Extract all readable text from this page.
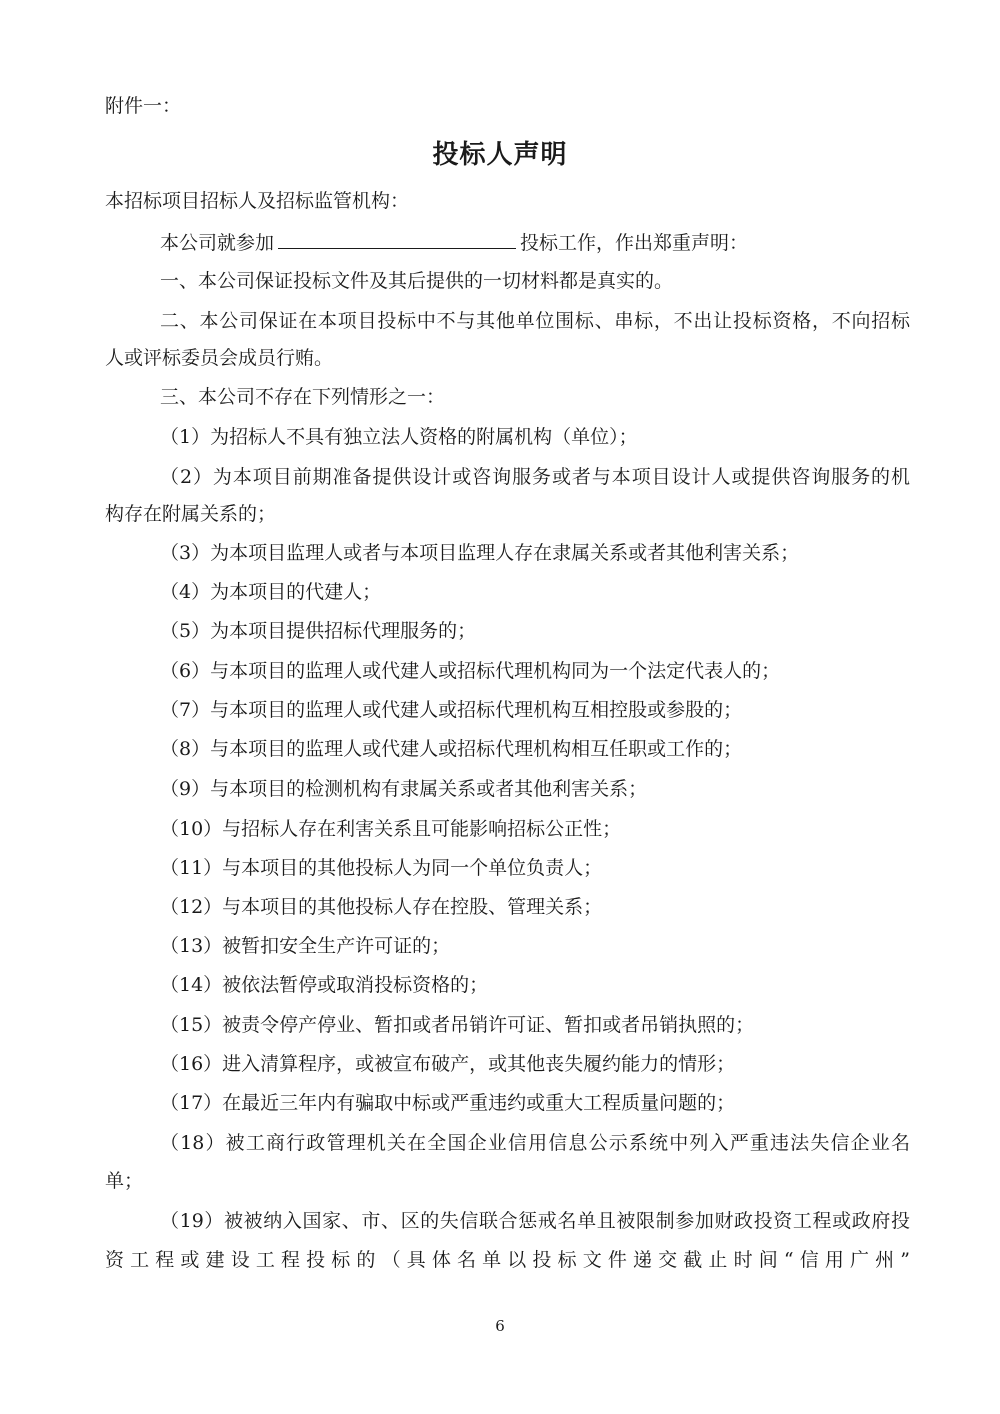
附件一：
投标人声明
本招标项目招标人及招标监管机构：
本公司就参加	投标工作，作出郑重声明：
一、本公司保证投标文件及其后提供的一切材料都是真实的。
二、本公司保证在本项目投标中不与其他单位围标、串标，不出让投标资格，不向招标
人或评标委员会成员行贿。
三、本公司不存在下列情形之一：
（1）为招标人不具有独立法人资格的附属机构（单位）；
（2）为本项目前期准备提供设计或咨询服务或者与本项目设计人或提供咨询服务的机
构存在附属关系的；
（3）为本项目监理人或者与本项目监理人存在隶属关系或者其他利害关系；
（4）为本项目的代建人；
（5）为本项目提供招标代理服务的；
（6）与本项目的监理人或代建人或招标代理机构同为一个法定代表人的；
（7）与本项目的监理人或代建人或招标代理机构互相控股或参股的；
（8）与本项目的监理人或代建人或招标代理机构相互任职或工作的；
（9）与本项目的检测机构有隶属关系或者其他利害关系；
（10）与招标人存在利害关系且可能影响招标公正性；
（11）与本项目的其他投标人为同一个单位负责人；
（12）与本项目的其他投标人存在控股、管理关系；
（13）被暂扣安全生产许可证的；
（14）被依法暂停或取消投标资格的；
（15）被责令停产停业、暂扣或者吊销许可证、暂扣或者吊销执照的；
（16）进入清算程序，或被宣布破产，或其他丧失履约能力的情形；
（17）在最近三年内有骗取中标或严重违约或重大工程质量问题的；
（18）被工商行政管理机关在全国企业信用信息公示系统中列入严重违法失信企业名
单；
（19）被被纳入国家、市、区的失信联合惩戒名单且被限制参加财政投资工程或政府投
资工程或建设工程投标的（具体名单以投标文件递交截止时间“信用广州”
6
